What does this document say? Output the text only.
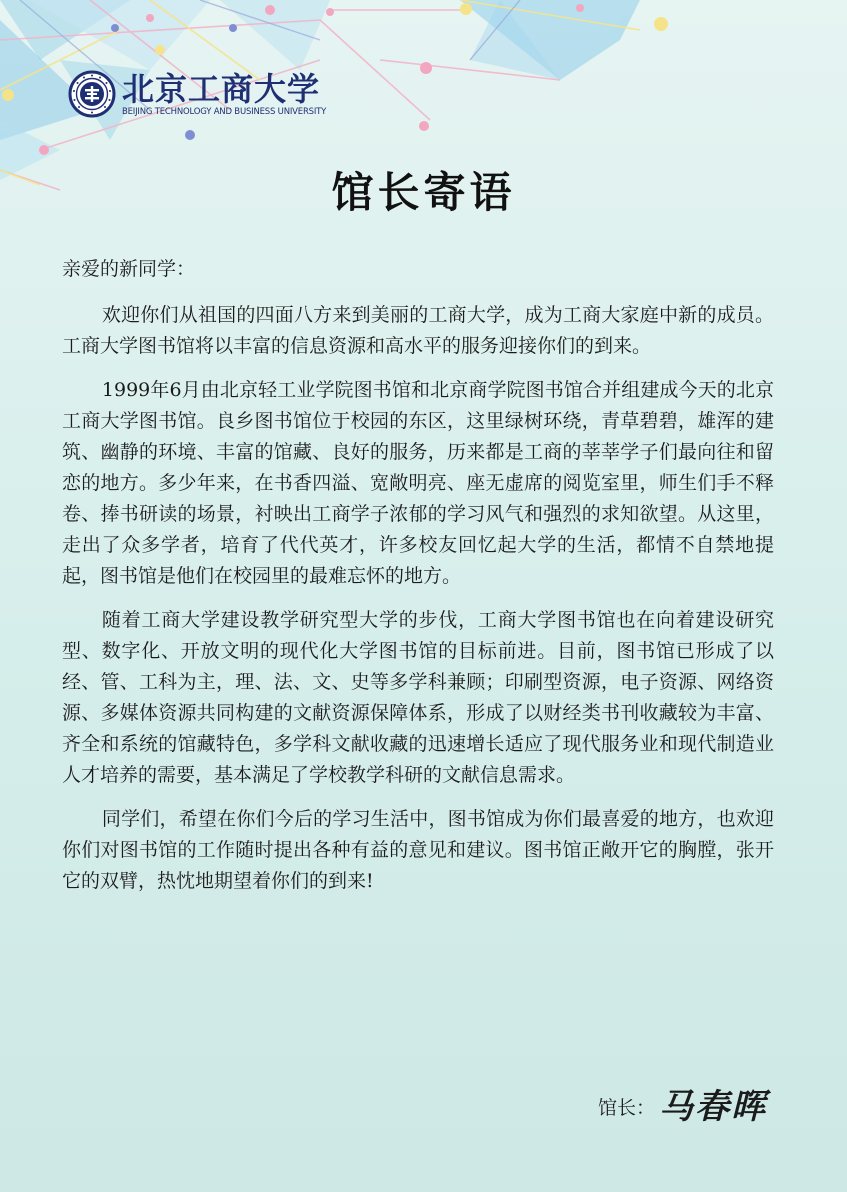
北京工商大学
BEIJING TECHNOLOGY AND BUSINESS UNIVERSITY
馆长寄语

亲爱的新同学：

欢迎你们从祖国的四面八方来到美丽的工商大学，成为工商大家庭中新的成员。工商大学图书馆将以丰富的信息资源和高水平的服务迎接你们的到来。

1999年6月由北京轻工业学院图书馆和北京商学院图书馆合并组建成今天的北京工商大学图书馆。良乡图书馆位于校园的东区，这里绿树环绕，青草碧碧，雄浑的建筑、幽静的环境、丰富的馆藏、良好的服务，历来都是工商的莘莘学子们最向往和留恋的地方。多少年来，在书香四溢、宽敞明亮、座无虚席的阅览室里，师生们手不释卷、捧书研读的场景，衬映出工商学子浓郁的学习风气和强烈的求知欲望。从这里，走出了众多学者，培育了代代英才，许多校友回忆起大学的生活，都情不自禁地提起，图书馆是他们在校园里的最难忘怀的地方。

随着工商大学建设教学研究型大学的步伐，工商大学图书馆也在向着建设研究型、数字化、开放文明的现代化大学图书馆的目标前进。目前，图书馆已形成了以经、管、工科为主，理、法、文、史等多学科兼顾；印刷型资源，电子资源、网络资源、多媒体资源共同构建的文献资源保障体系，形成了以财经类书刊收藏较为丰富、齐全和系统的馆藏特色，多学科文献收藏的迅速增长适应了现代服务业和现代制造业人才培养的需要，基本满足了学校教学科研的文献信息需求。

同学们，希望在你们今后的学习生活中，图书馆成为你们最喜爱的地方，也欢迎你们对图书馆的工作随时提出各种有益的意见和建议。图书馆正敞开它的胸膛，张开它的双臂，热忱地期望着你们的到来!

馆长： 马春晖
